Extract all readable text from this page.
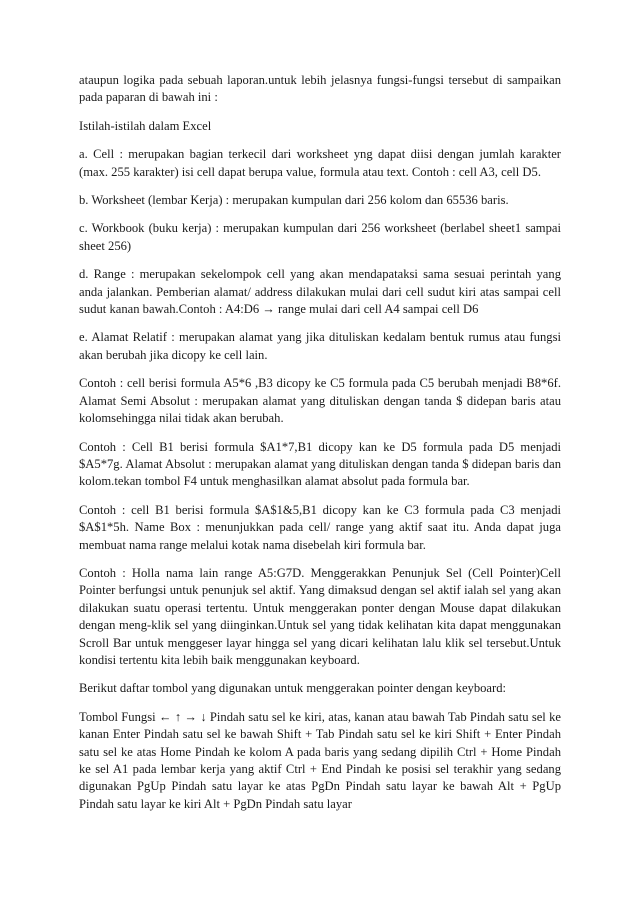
ataupun logika pada sebuah laporan.untuk lebih jelasnya fungsi-fungsi tersebut di sampaikan pada paparan di bawah ini :

Istilah-istilah dalam Excel

a. Cell : merupakan bagian terkecil dari worksheet yng dapat diisi dengan jumlah karakter (max. 255 karakter) isi cell dapat berupa value, formula atau text. Contoh : cell A3, cell D5.

b. Worksheet (lembar Kerja) : merupakan kumpulan dari 256 kolom dan 65536 baris.

c. Workbook (buku kerja) : merupakan kumpulan dari 256 worksheet (berlabel sheet1 sampai sheet 256)

d. Range : merupakan sekelompok cell yang akan mendapataksi sama sesuai perintah yang anda jalankan. Pemberian alamat/ address dilakukan mulai dari cell sudut kiri atas sampai cell sudut kanan bawah.Contoh : A4:D6 → range mulai dari cell A4 sampai cell D6

e. Alamat Relatif : merupakan alamat yang jika dituliskan kedalam bentuk rumus atau fungsi akan berubah jika dicopy ke cell lain.

Contoh : cell berisi formula A5*6 ,B3 dicopy ke C5 formula pada C5 berubah menjadi B8*6f. Alamat Semi Absolut : merupakan alamat yang dituliskan dengan tanda $ didepan baris atau kolomsehingga nilai tidak akan berubah.

Contoh : Cell B1 berisi formula $A1*7,B1 dicopy kan ke D5 formula pada D5 menjadi $A5*7g. Alamat Absolut : merupakan alamat yang dituliskan dengan tanda $ didepan baris dan kolom.tekan tombol F4 untuk menghasilkan alamat absolut pada formula bar.

Contoh : cell B1 berisi formula $A$1&5,B1 dicopy kan ke C3 formula pada C3 menjadi $A$1*5h. Name Box : menunjukkan pada cell/ range yang aktif saat itu. Anda dapat juga membuat nama range melalui kotak nama disebelah kiri formula bar.

Contoh : Holla nama lain range A5:G7D. Menggerakkan Penunjuk Sel (Cell Pointer)Cell Pointer berfungsi untuk penunjuk sel aktif. Yang dimaksud dengan sel aktif ialah sel yang akan dilakukan suatu operasi tertentu. Untuk menggerakan ponter dengan Mouse dapat dilakukan dengan meng-klik sel yang diinginkan.Untuk sel yang tidak kelihatan kita dapat menggunakan Scroll Bar untuk menggeser layar hingga sel yang dicari kelihatan lalu klik sel tersebut.Untuk kondisi tertentu kita lebih baik menggunakan keyboard.

Berikut daftar tombol yang digunakan untuk menggerakan pointer dengan keyboard:

Tombol Fungsi ← ↑ → ↓ Pindah satu sel ke kiri, atas, kanan atau bawah Tab Pindah satu sel ke kanan Enter Pindah satu sel ke bawah Shift + Tab Pindah satu sel ke kiri Shift + Enter Pindah satu sel ke atas Home Pindah ke kolom A pada baris yang sedang dipilih Ctrl + Home Pindah ke sel A1 pada lembar kerja yang aktif Ctrl + End Pindah ke posisi sel terakhir yang sedang digunakan PgUp Pindah satu layar ke atas PgDn Pindah satu layar ke bawah Alt + PgUp Pindah satu layar ke kiri Alt + PgDn Pindah satu layar
